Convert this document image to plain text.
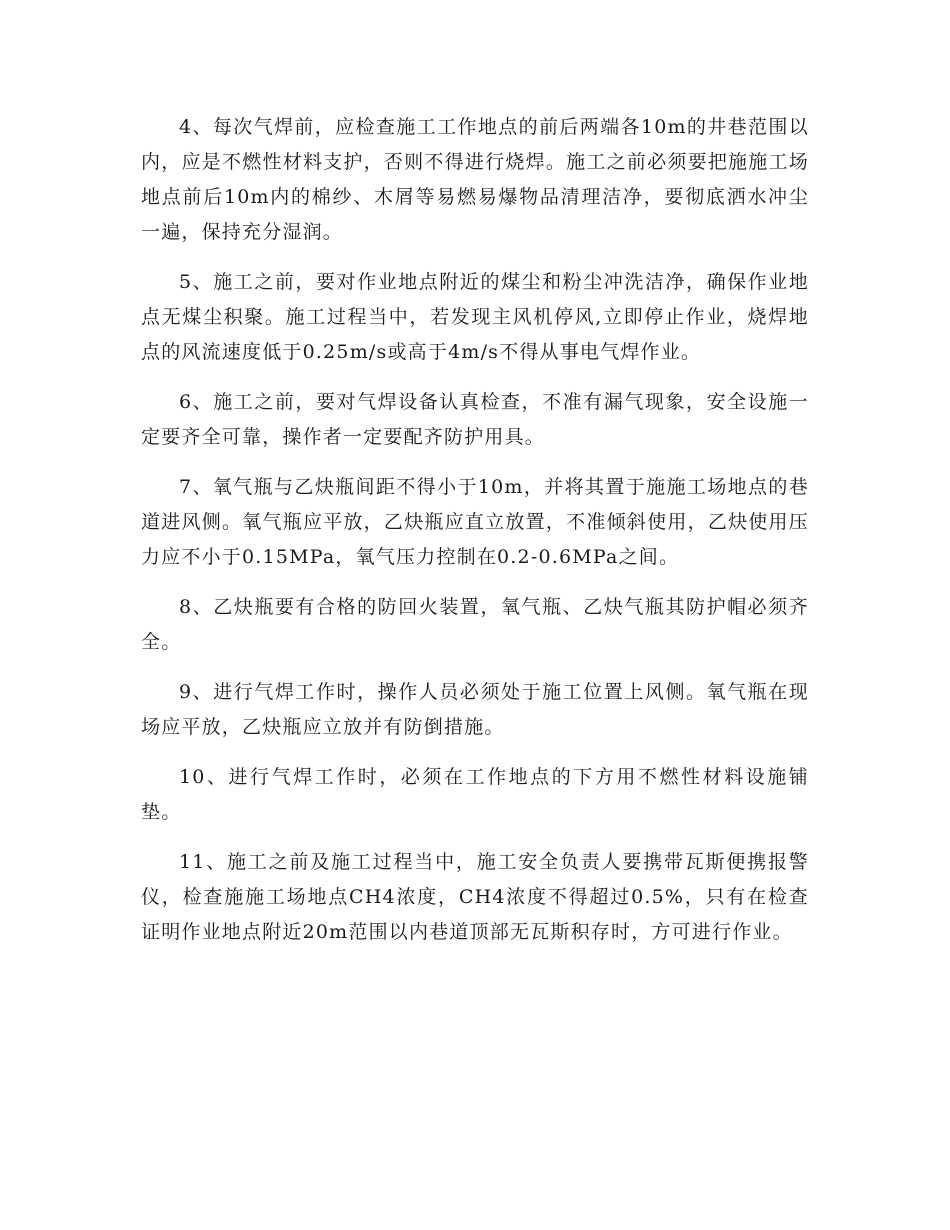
4、每次气焊前，应检查施工工作地点的前后两端各10m的井巷范围以内，应是不燃性材料支护，否则不得进行烧焊。施工之前必须要把施施工场地点前后10m内的棉纱、木屑等易燃易爆物品清理洁净，要彻底洒水冲尘一遍，保持充分湿润。

5、施工之前，要对作业地点附近的煤尘和粉尘冲洗洁净，确保作业地点无煤尘积聚。施工过程当中，若发现主风机停风,立即停止作业，烧焊地点的风流速度低于0.25m/s或高于4m/s不得从事电气焊作业。

6、施工之前，要对气焊设备认真检查，不准有漏气现象，安全设施一定要齐全可靠，操作者一定要配齐防护用具。

7、氧气瓶与乙炔瓶间距不得小于10m，并将其置于施施工场地点的巷道进风侧。氧气瓶应平放，乙炔瓶应直立放置，不准倾斜使用，乙炔使用压力应不小于0.15MPa，氧气压力控制在0.2-0.6MPa之间。

8、乙炔瓶要有合格的防回火装置，氧气瓶、乙炔气瓶其防护帽必须齐全。

9、进行气焊工作时，操作人员必须处于施工位置上风侧。氧气瓶在现场应平放，乙炔瓶应立放并有防倒措施。

10、进行气焊工作时，必须在工作地点的下方用不燃性材料设施铺垫。

11、施工之前及施工过程当中，施工安全负责人要携带瓦斯便携报警仪，检查施施工场地点CH4浓度，CH4浓度不得超过0.5%，只有在检查证明作业地点附近20m范围以内巷道顶部无瓦斯积存时，方可进行作业。
